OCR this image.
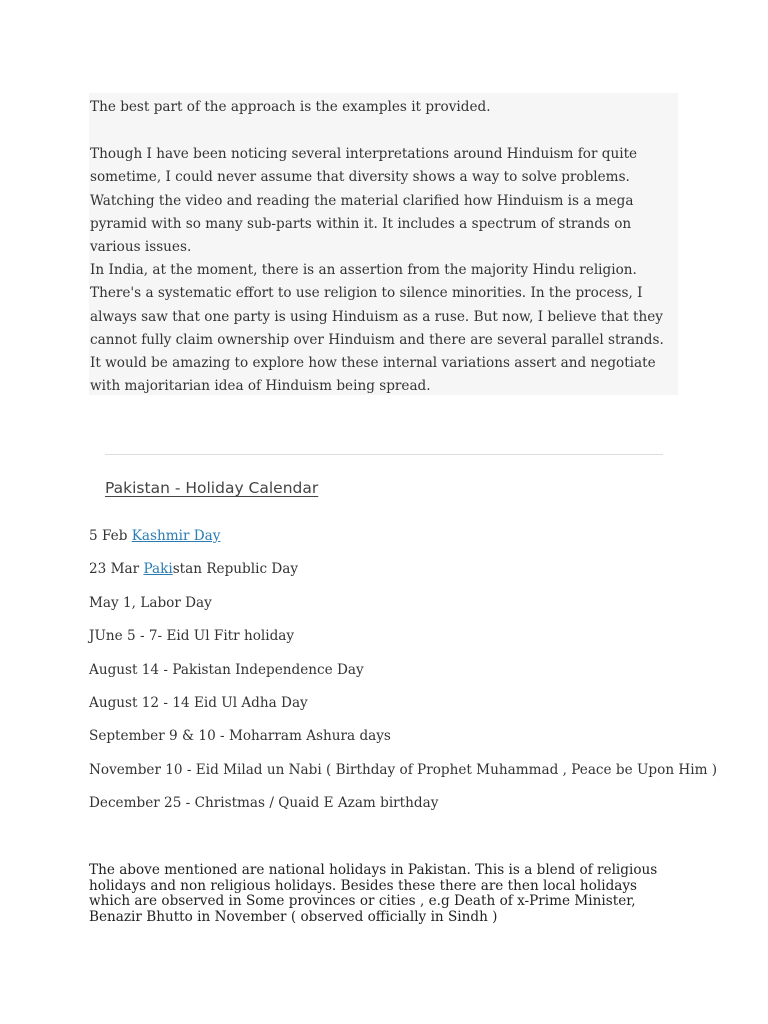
The best part of the approach is the examples it provided.

Though I have been noticing several interpretations around Hinduism for quite sometime, I could never assume that diversity shows a way to solve problems. Watching the video and reading the material clarified how Hinduism is a mega pyramid with so many sub-parts within it. It includes a spectrum of strands on various issues.

In India, at the moment, there is an assertion from the majority Hindu religion. There's a systematic effort to use religion to silence minorities. In the process, I always saw that one party is using Hinduism as a ruse. But now, I believe that they cannot fully claim ownership over Hinduism and there are several parallel strands. It would be amazing to explore how these internal variations assert and negotiate with majoritarian idea of Hinduism being spread.

Pakistan - Holiday Calendar
5 Feb Kashmir Day
23 Mar Pakistan Republic Day
May 1, Labor Day
JUne 5 - 7- Eid Ul Fitr holiday
August 14 - Pakistan Independence Day
August 12 - 14 Eid Ul Adha Day
September 9 & 10 - Moharram Ashura days
November 10 - Eid Milad un Nabi ( Birthday of Prophet Muhammad , Peace be Upon Him )
December 25 - Christmas / Quaid E Azam birthday

The above mentioned are national holidays in Pakistan. This is a blend of religious holidays and non religious holidays. Besides these there are then local holidays which are observed in Some provinces or cities , e.g Death of x-Prime Minister, Benazir Bhutto in November ( observed officially in Sindh )
